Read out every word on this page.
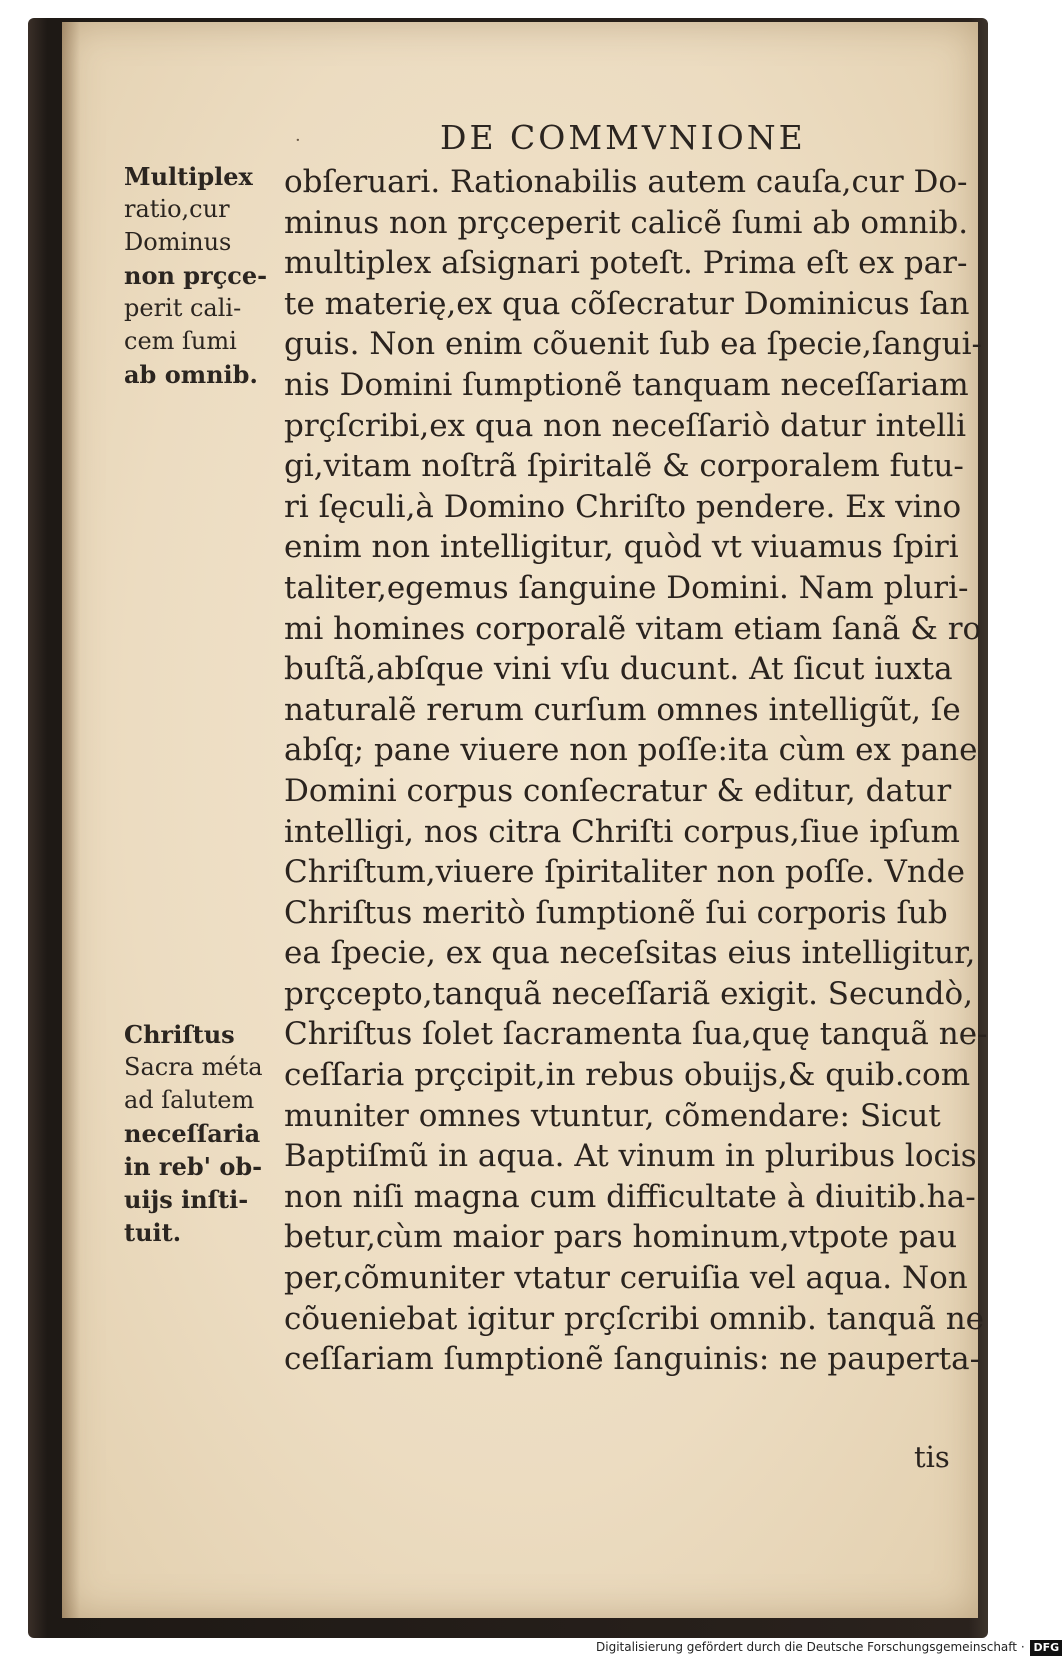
·	DE COMMVNIONE
Multiplex
ratio,cur
Dominus
non prçce-
perit cali-
cem ſumi
ab omnib.
Chriſtus
Sacra méta
ad ſalutem
neceſſaria
in reb' ob-
uijs inſti-
tuit.
obſeruari. Rationabilis autem cauſa,cur Do-
minus non prçceperit calicẽ ſumi ab omnib.
multiplex aſsignari poteſt. Prima eſt ex par-
te materię,ex qua cõſecratur Dominicus ſan
guis. Non enim cõuenit ſub ea ſpecie,ſangui-
nis Domini ſumptionẽ tanquam neceſſariam
prçſcribi,ex qua non neceſſariò datur intelli
gi,vitam noſtrã ſpiritalẽ & corporalem futu-
ri ſęculi,à Domino Chriſto pendere. Ex vino
enim non intelligitur, quòd vt viuamus ſpiri
taliter,egemus ſanguine Domini. Nam pluri-
mi homines corporalẽ vitam etiam ſanã & ro
buſtã,abſque vini vſu ducunt. At ſicut iuxta
naturalẽ rerum curſum omnes intelligũt, ſe
abſq; pane viuere non poſſe:ita cùm ex pane
Domini corpus conſecratur & editur, datur
intelligi, nos citra Chriſti corpus,ſiue ipſum
Chriſtum,viuere ſpiritaliter non poſſe. Vnde
Chriſtus meritò ſumptionẽ ſui corporis ſub
ea ſpecie, ex qua neceſsitas eius intelligitur,
prçcepto,tanquã neceſſariã exigit. Secundò,
Chriſtus ſolet ſacramenta ſua,quę tanquã ne-
ceſſaria prçcipit,in rebus obuijs,& quib.com
muniter omnes vtuntur, cõmendare: Sicut
Baptiſmũ in aqua. At vinum in pluribus locis
non niſi magna cum difficultate à diuitib.ha-
betur,cùm maior pars hominum,vtpote pau
per,cõmuniter vtatur ceruiſia vel aqua. Non
cõueniebat igitur prçſcribi omnib. tanquã ne
ceſſariam ſumptionẽ ſanguinis: ne paupertа-
tis
Digitalisierung gefördert durch die Deutsche Forschungsgemeinschaft · DFG
